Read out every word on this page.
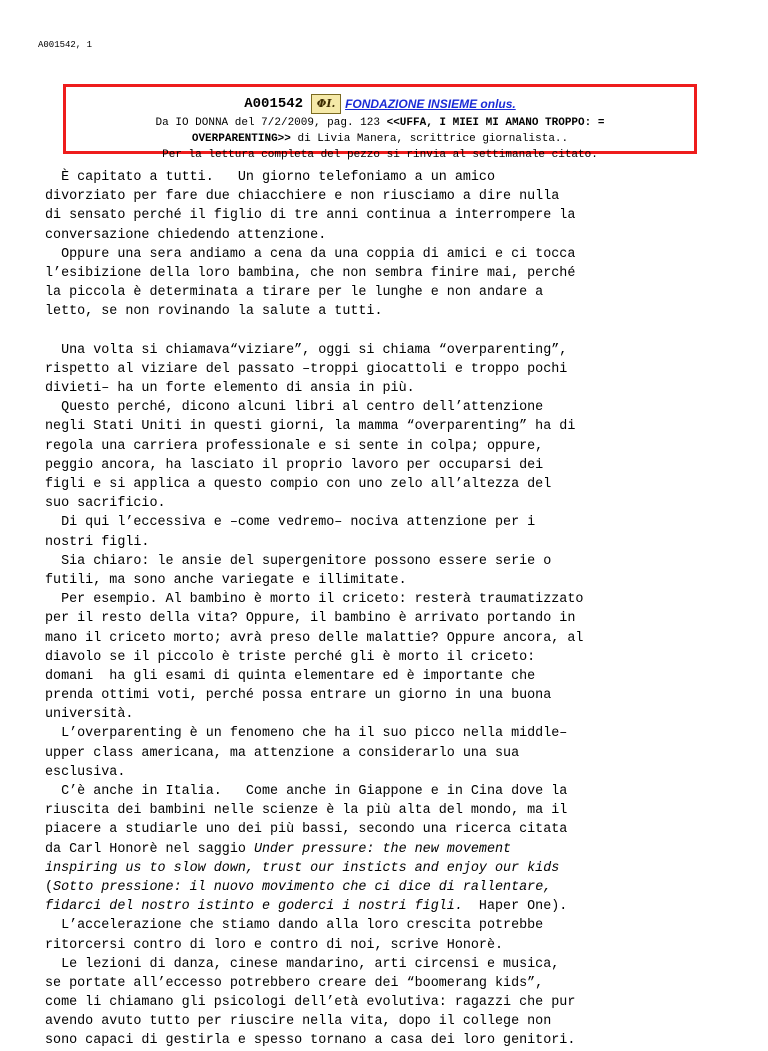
A001542, 1
A001542	ΦI. FONDAZIONE INSIEME onlus.
Da IO DONNA del 7/2/2009, pag. 123 <<UFFA, I MIEI MI AMANO TROPPO: =
OVERPARENTING>> di Livia Manera, scrittrice giornalista..
Per la lettura completa del pezzo si rinvia al settimanale citato.
È capitato a tutti.   Un giorno telefoniamo a un amico
divorziato per fare due chiacchiere e non riusciamo a dire nulla
di sensato perché il figlio di tre anni continua a interrompere la
conversazione chiedendo attenzione.
Oppure una sera andiamo a cena da una coppia di amici e ci tocca
l’esibizione della loro bambina, che non sembra finire mai, perché
la piccola è determinata a tirare per le lunghe e non andare a
letto, se non rovinando la salute a tutti.
Una volta si chiamava“viziare”, oggi si chiama “overparenting”,
rispetto al viziare del passato –troppi giocattoli e troppo pochi
divieti– ha un forte elemento di ansia in più.
Questo perché, dicono alcuni libri al centro dell’attenzione
negli Stati Uniti in questi giorni, la mamma “overparenting” ha di
regola una carriera professionale e si sente in colpa; oppure,
peggio ancora, ha lasciato il proprio lavoro per occuparsi dei
figli e si applica a questo compio con uno zelo all’altezza del
suo sacrificio.
Di qui l’eccessiva e –come vedremo– nociva attenzione per i
nostri figli.
Sia chiaro: le ansie del supergenitore possono essere serie o
futili, ma sono anche variegate e illimitate.
Per esempio. Al bambino è morto il criceto: resterà traumatizzato
per il resto della vita? Oppure, il bambino è arrivato portando in
mano il criceto morto; avrà preso delle malattie? Oppure ancora, al
diavolo se il piccolo è triste perché gli è morto il criceto:
domani  ha gli esami di quinta elementare ed è importante che
prenda ottimi voti, perché possa entrare un giorno in una buona
università.
L’overparenting è un fenomeno che ha il suo picco nella middle–
upper class americana, ma attenzione a considerarlo una sua
esclusiva.
C’è anche in Italia.   Come anche in Giappone e in Cina dove la
riuscita dei bambini nelle scienze è la più alta del mondo, ma il
piacere a studiarle uno dei più bassi, secondo una ricerca citata
da Carl Honorè nel saggio Under pressure: the new movement
inspiring us to slow down, trust our insticts and enjoy our kids
(Sotto pressione: il nuovo movimento che ci dice di rallentare,
fidarci del nostro istinto e goderci i nostri figli.  Haper One).
L’accelerazione che stiamo dando alla loro crescita potrebbe
ritorcersi contro di loro e contro di noi, scrive Honorè.
Le lezioni di danza, cinese mandarino, arti circensi e musica,
se portate all’eccesso potrebbero creare dei “boomerang kids”,
come li chiamano gli psicologi dell’età evolutiva: ragazzi che pur
avendo avuto tutto per riuscire nella vita, dopo il college non
sono capaci di gestirla e spesso tornano a casa dei loro genitori.
